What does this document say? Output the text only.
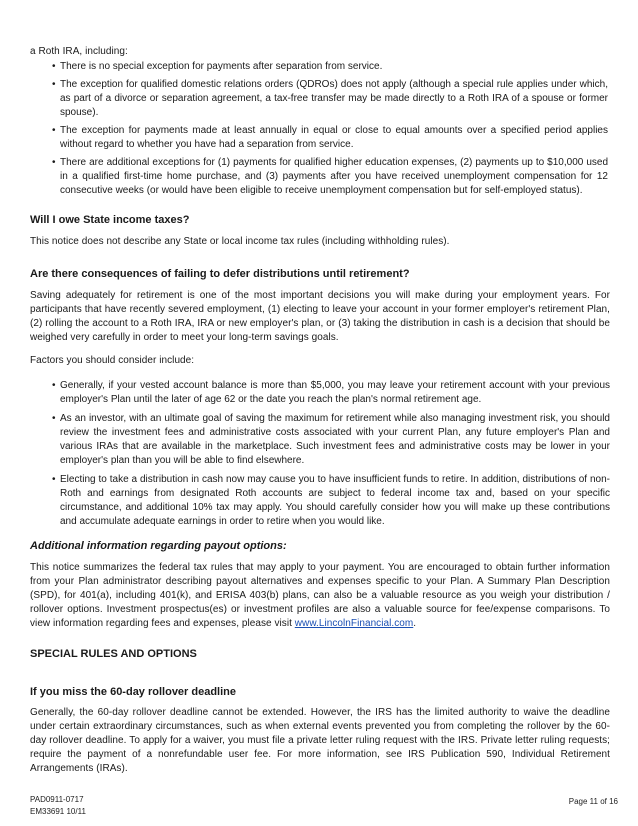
a Roth IRA, including:

• There is no special exception for payments after separation from service.
• The exception for qualified domestic relations orders (QDROs) does not apply (although a special rule applies under which, as part of a divorce or separation agreement, a tax-free transfer may be made directly to a Roth IRA of a spouse or former spouse).
• The exception for payments made at least annually in equal or close to equal amounts over a specified period applies without regard to whether you have had a separation from service.
• There are additional exceptions for (1) payments for qualified higher education expenses, (2) payments up to $10,000 used in a qualified first-time home purchase, and (3) payments after you have received unemployment compensation for 12 consecutive weeks (or would have been eligible to receive unemployment compensation but for self-employed status).

Will I owe State income taxes?

This notice does not describe any State or local income tax rules (including withholding rules).

Are there consequences of failing to defer distributions until retirement?

Saving adequately for retirement is one of the most important decisions you will make during your employment years. For participants that have recently severed employment, (1) electing to leave your account in your former employer's retirement Plan, (2) rolling the account to a Roth IRA, IRA or new employer's plan, or (3) taking the distribution in cash is a decision that should be weighed very carefully in order to meet your long-term savings goals.

Factors you should consider include:

Additional information regarding payout options:

This notice summarizes the federal tax rules that may apply to your payment. You are encouraged to obtain further information from your Plan administrator describing payout alternatives and expenses specific to your Plan. A Summary Plan Description (SPD), for 401(a), including 401(k), and ERISA 403(b) plans, can also be a valuable resource as you weigh your distribution / rollover options. Investment prospectus(es) or investment profiles are also a valuable source for fee/expense comparisons. To view information regarding fees and expenses, please visit www.LincolnFinancial.com.

SPECIAL RULES AND OPTIONS

If you miss the 60-day rollover deadline

Generally, the 60-day rollover deadline cannot be extended. However, the IRS has the limited authority to waive the deadline under certain extraordinary circumstances, such as when external events prevented you from completing the rollover by the 60-day rollover deadline. To apply for a waiver, you must file a private letter ruling request with the IRS. Private letter ruling requests; require the payment of a nonrefundable user fee. For more information, see IRS Publication 590, Individual Retirement Arrangements (IRAs).

• Generally, if your vested account balance is more than $5,000, you may leave your retirement account with your previous employer's Plan until the later of age 62 or the date you reach the plan's normal retirement age.
• As an investor, with an ultimate goal of saving the maximum for retirement while also managing investment risk, you should review the investment fees and administrative costs associated with your current Plan, any future employer's Plan and various IRAs that are available in the marketplace. Such investment fees and administrative costs may be lower in your employer's plan than you will be able to find elsewhere.
• Electing to take a distribution in cash now may cause you to have insufficient funds to retire. In addition, distributions of non-Roth and earnings from designated Roth accounts are subject to federal income tax and, based on your specific circumstance, and additional 10% tax may apply. You should carefully consider how you will make up these contributions and accumulate adequate earnings in order to retire when you would like.
PAD0911-0717
EM33691 10/11
Page 11 of 16
